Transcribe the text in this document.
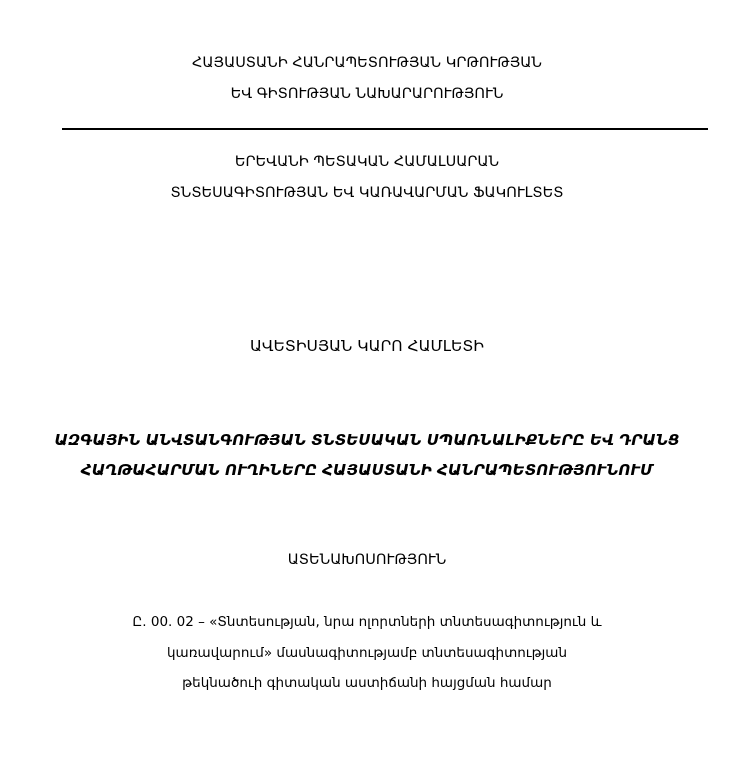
ՀԱՅԱՍՏԱՆԻ ՀԱՆՐԱՊԵՏՈՒԹՅԱՆ ԿՐԹՈՒԹՅԱՆ
ԵՎ ԳԻՏՈՒԹՅԱՆ ՆԱԽԱՐԱՐՈՒԹՅՈՒՆ
ԵՐԵՎԱՆԻ ՊԵՏԱԿԱՆ ՀԱՄԱԼՍԱՐԱՆ
ՏՆՏԵՍԱԳԻՏՈՒԹՅԱՆ ԵՎ ԿԱՌԱՎԱՐՄԱՆ ՖԱԿՈՒԼՏԵՏ
ԱՎԵՏԻՍՅԱՆ ԿԱՐՈ ՀԱՄԼԵՏԻ
ԱԶԳԱՅԻՆ ԱՆՎՏԱՆԳՈՒԹՅԱՆ ՏՆՏԵՍԱԿԱՆ ՍՊԱՌՆԱԼԻՔՆԵՐԸ ԵՎ ԴՐԱՆՑ
ՀԱՂԹԱՀԱՐՄԱՆ ՈՒՂԻՆԵՐԸ ՀԱՅԱՍՏԱՆԻ ՀԱՆՐԱՊԵՏՈՒԹՅՈՒՆՈՒՄ
ԱՏԵՆԱԽՈՍՈՒԹՅՈՒՆ
Ը. 00. 02 – «Տնտեսության, նրա ոլորտների տնտեսագիտություն և
կառավարում» մասնագիտությամբ տնտեսագիտության
թեկնածուի գիտական աստիճանի հայցման համար
